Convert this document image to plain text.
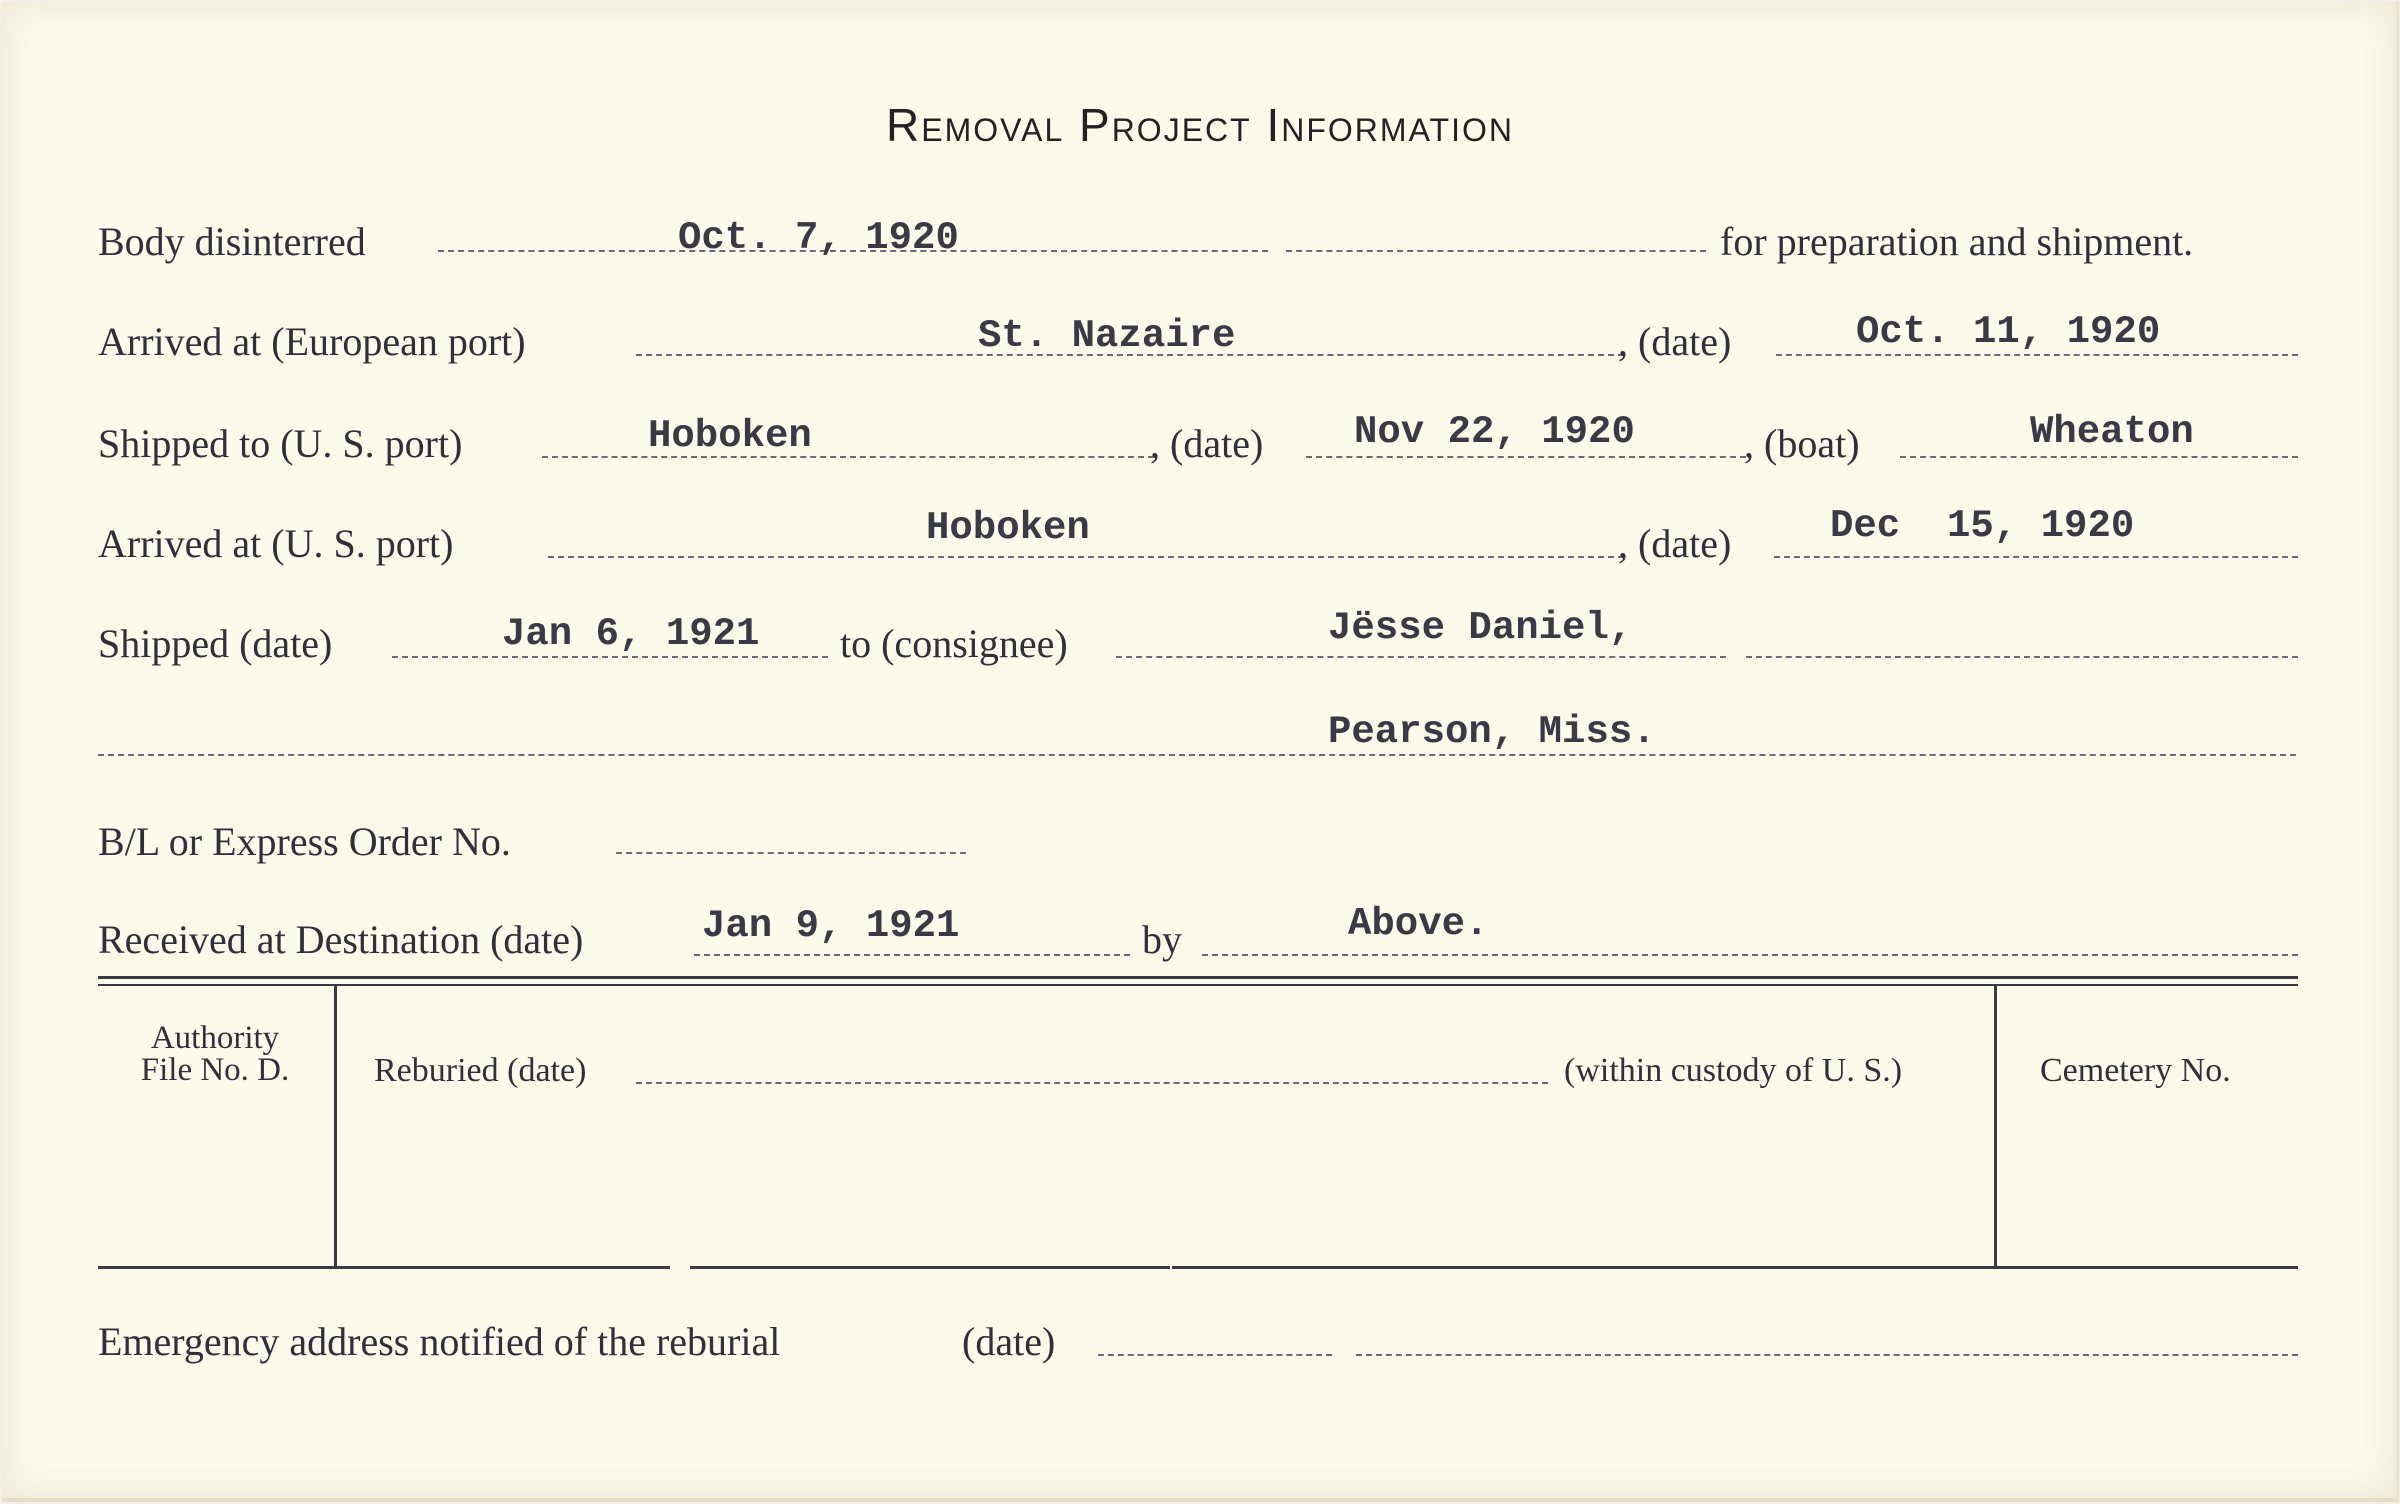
Removal Project Information
Body disinterred	Oct. 7, 1920	for preparation and shipment.
Arrived at (European port)	St. Nazaire	, (date)	Oct. 11, 1920
Shipped to (U. S. port)	Hoboken	, (date) Nov 22, 1920	, (boat)	Wheaton
Arrived at (U. S. port)	Hoboken	, (date)	Dec  15, 1920
Shipped (date)	Jan 6, 1921 to (consignee)	Jësse Daniel,
Pearson, Miss.
B/L or Express Order No.
Received at Destination (date)	Jan 9, 1921	by	Above.
Authority
File No. D.	Reburied (date)	(within custody of U. S.)	Cemetery No.
Emergency address notified of the reburial	(date)
